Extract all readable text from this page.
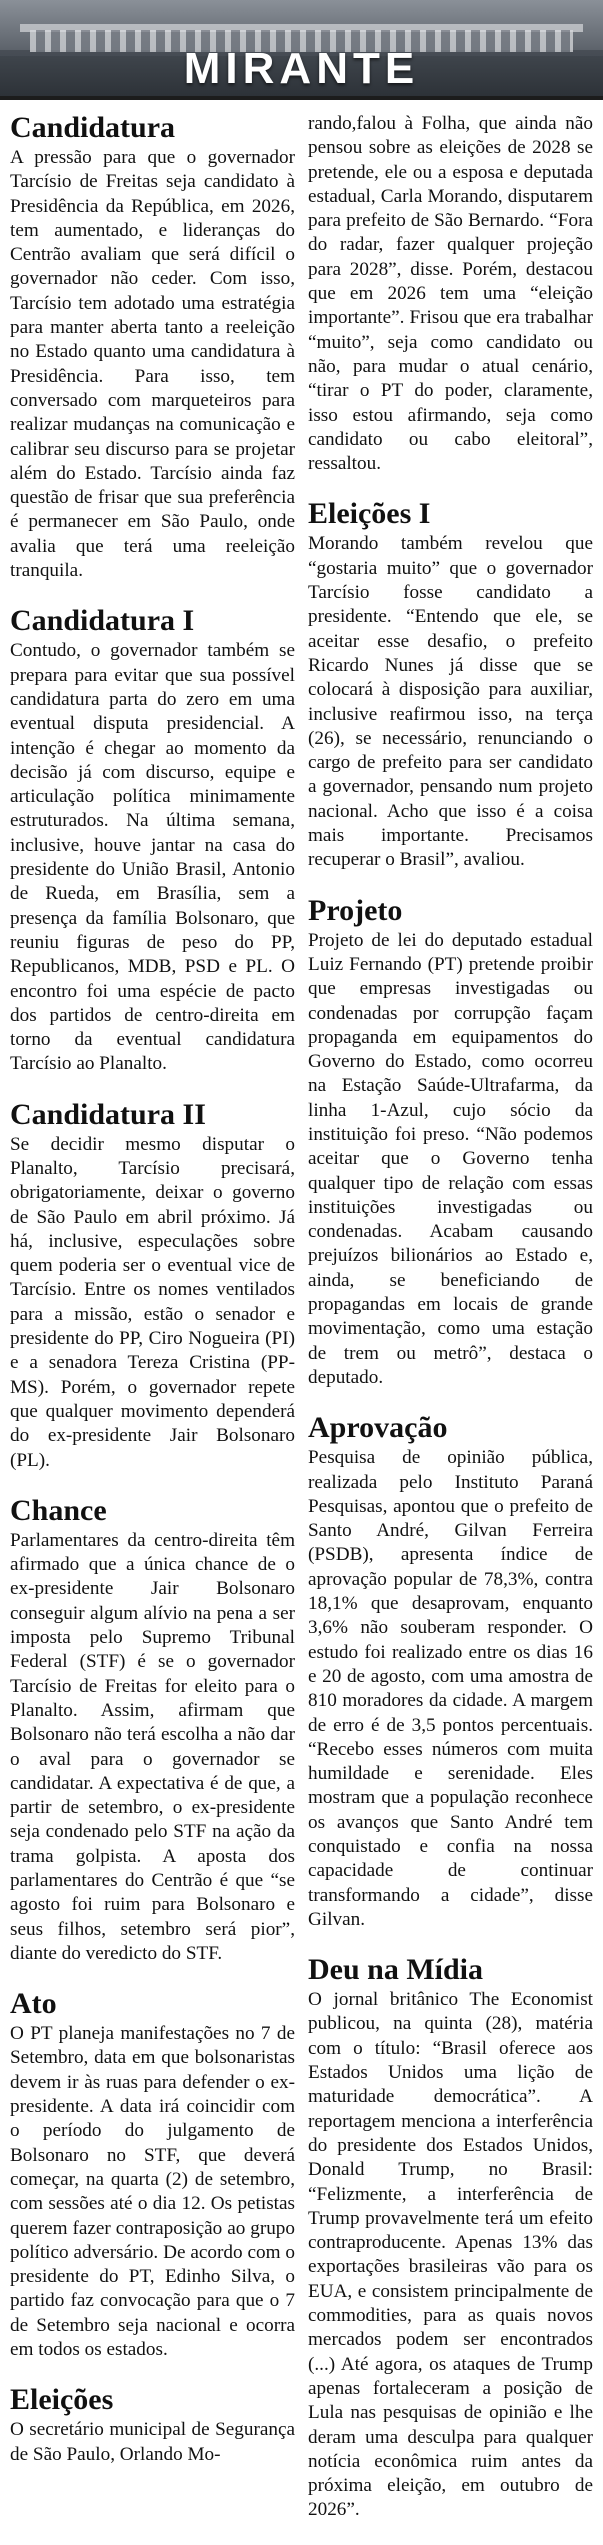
MIRANTE
Candidatura

A pressão para que o governador Tarcísio de Freitas seja candidato à Presidência da República, em 2026, tem aumentado, e lideranças do Centrão avaliam que será difícil o governador não ceder. Com isso, Tarcísio tem adotado uma estratégia para manter aberta tanto a reeleição no Estado quanto uma candidatura à Presidência. Para isso, tem conversado com marqueteiros para realizar mudanças na comunicação e calibrar seu discurso para se projetar além do Estado. Tarcísio ainda faz questão de frisar que sua preferência é permanecer em São Paulo, onde avalia que terá uma reeleição tranquila.

Candidatura I

Contudo, o governador também se prepara para evitar que sua possível candidatura parta do zero em uma eventual disputa presidencial. A intenção é chegar ao momento da decisão já com discurso, equipe e articulação política minimamente estruturados. Na última semana, inclusive, houve jantar na casa do presidente do União Brasil, Antonio de Rueda, em Brasília, sem a presença da família Bolsonaro, que reuniu figuras de peso do PP, Republicanos, MDB, PSD e PL. O encontro foi uma espécie de pacto dos partidos de centro-direita em torno da eventual candidatura Tarcísio ao Planalto.

Candidatura II

Se decidir mesmo disputar o Planalto, Tarcísio precisará, obrigatoriamente, deixar o governo de São Paulo em abril próximo. Já há, inclusive, especulações sobre quem poderia ser o eventual vice de Tarcísio. Entre os nomes ventilados para a missão, estão o senador e presidente do PP, Ciro Nogueira (PI) e a senadora Tereza Cristina (PP-MS). Porém, o governador repete que qualquer movimento dependerá do ex-presidente Jair Bolsonaro (PL).

Chance

Parlamentares da centro-direita têm afirmado que a única chance de o ex-presidente Jair Bolsonaro conseguir algum alívio na pena a ser imposta pelo Supremo Tribunal Federal (STF) é se o governador Tarcísio de Freitas for eleito para o Planalto. Assim, afirmam que Bolsonaro não terá escolha a não dar o aval para o governador se candidatar. A expectativa é de que, a partir de setembro, o ex-presidente seja condenado pelo STF na ação da trama golpista. A aposta dos parlamentares do Centrão é que “se agosto foi ruim para Bolsonaro e seus filhos, setembro será pior”, diante do veredicto do STF.

Ato

O PT planeja manifestações no 7 de Setembro, data em que bolsonaristas devem ir às ruas para defender o ex-presidente. A data irá coincidir com o período do julgamento de Bolsonaro no STF, que deverá começar, na quarta (2) de setembro, com sessões até o dia 12. Os petistas querem fazer contraposição ao grupo político adversário. De acordo com o presidente do PT, Edinho Silva, o partido faz convocação para que o 7 de Setembro seja nacional e ocorra em todos os estados.

Eleições

O secretário municipal de Segurança de São Paulo, Orlando Mo-

rando,falou à Folha, que ainda não pensou sobre as eleições de 2028 se pretende, ele ou a esposa e deputada estadual, Carla Morando, disputarem para prefeito de São Bernardo. “Fora do radar, fazer qualquer projeção para 2028”, disse. Porém, destacou que em 2026 tem uma “eleição importante”. Frisou que era trabalhar “muito”, seja como candidato ou não, para mudar o atual cenário, “tirar o PT do poder, claramente, isso estou afirmando, seja como candidato ou cabo eleitoral”, ressaltou.

Eleições I

Morando também revelou que “gostaria muito” que o governador Tarcísio fosse candidato a presidente. “Entendo que ele, se aceitar esse desafio, o prefeito Ricardo Nunes já disse que se colocará à disposição para auxiliar, inclusive reafirmou isso, na terça (26), se necessário, renunciando o cargo de prefeito para ser candidato a governador, pensando num projeto nacional. Acho que isso é a coisa mais importante. Precisamos recuperar o Brasil”, avaliou.

Projeto

Projeto de lei do deputado estadual Luiz Fernando (PT) pretende proibir que empresas investigadas ou condenadas por corrupção façam propaganda em equipamentos do Governo do Estado, como ocorreu na Estação Saúde-Ultrafarma, da linha 1-Azul, cujo sócio da instituição foi preso. “Não podemos aceitar que o Governo tenha qualquer tipo de relação com essas instituições investigadas ou condenadas. Acabam causando prejuízos bilionários ao Estado e, ainda, se beneficiando de propagandas em locais de grande movimentação, como uma estação de trem ou metrô”, destaca o deputado.

Aprovação

Pesquisa de opinião pública, realizada pelo Instituto Paraná Pesquisas, apontou que o prefeito de Santo André, Gilvan Ferreira (PSDB), apresenta índice de aprovação popular de 78,3%, contra 18,1% que desaprovam, enquanto 3,6% não souberam responder. O estudo foi realizado entre os dias 16 e 20 de agosto, com uma amostra de 810 moradores da cidade. A margem de erro é de 3,5 pontos percentuais. “Recebo esses números com muita humildade e serenidade. Eles mostram que a população reconhece os avanços que Santo André tem conquistado e confia na nossa capacidade de continuar transformando a cidade”, disse Gilvan.

Deu na Mídia

O jornal britânico The Economist publicou, na quinta (28), matéria com o título: “Brasil oferece aos Estados Unidos uma lição de maturidade democrática”. A reportagem menciona a interferência do presidente dos Estados Unidos, Donald Trump, no Brasil: “Felizmente, a interferência de Trump provavelmente terá um efeito contraproducente. Apenas 13% das exportações brasileiras vão para os EUA, e consistem principalmente de commodities, para as quais novos mercados podem ser encontrados (...) Até agora, os ataques de Trump apenas fortaleceram a posição de Lula nas pesquisas de opinião e lhe deram uma desculpa para qualquer notícia econômica ruim antes da próxima eleição, em outubro de 2026”.
